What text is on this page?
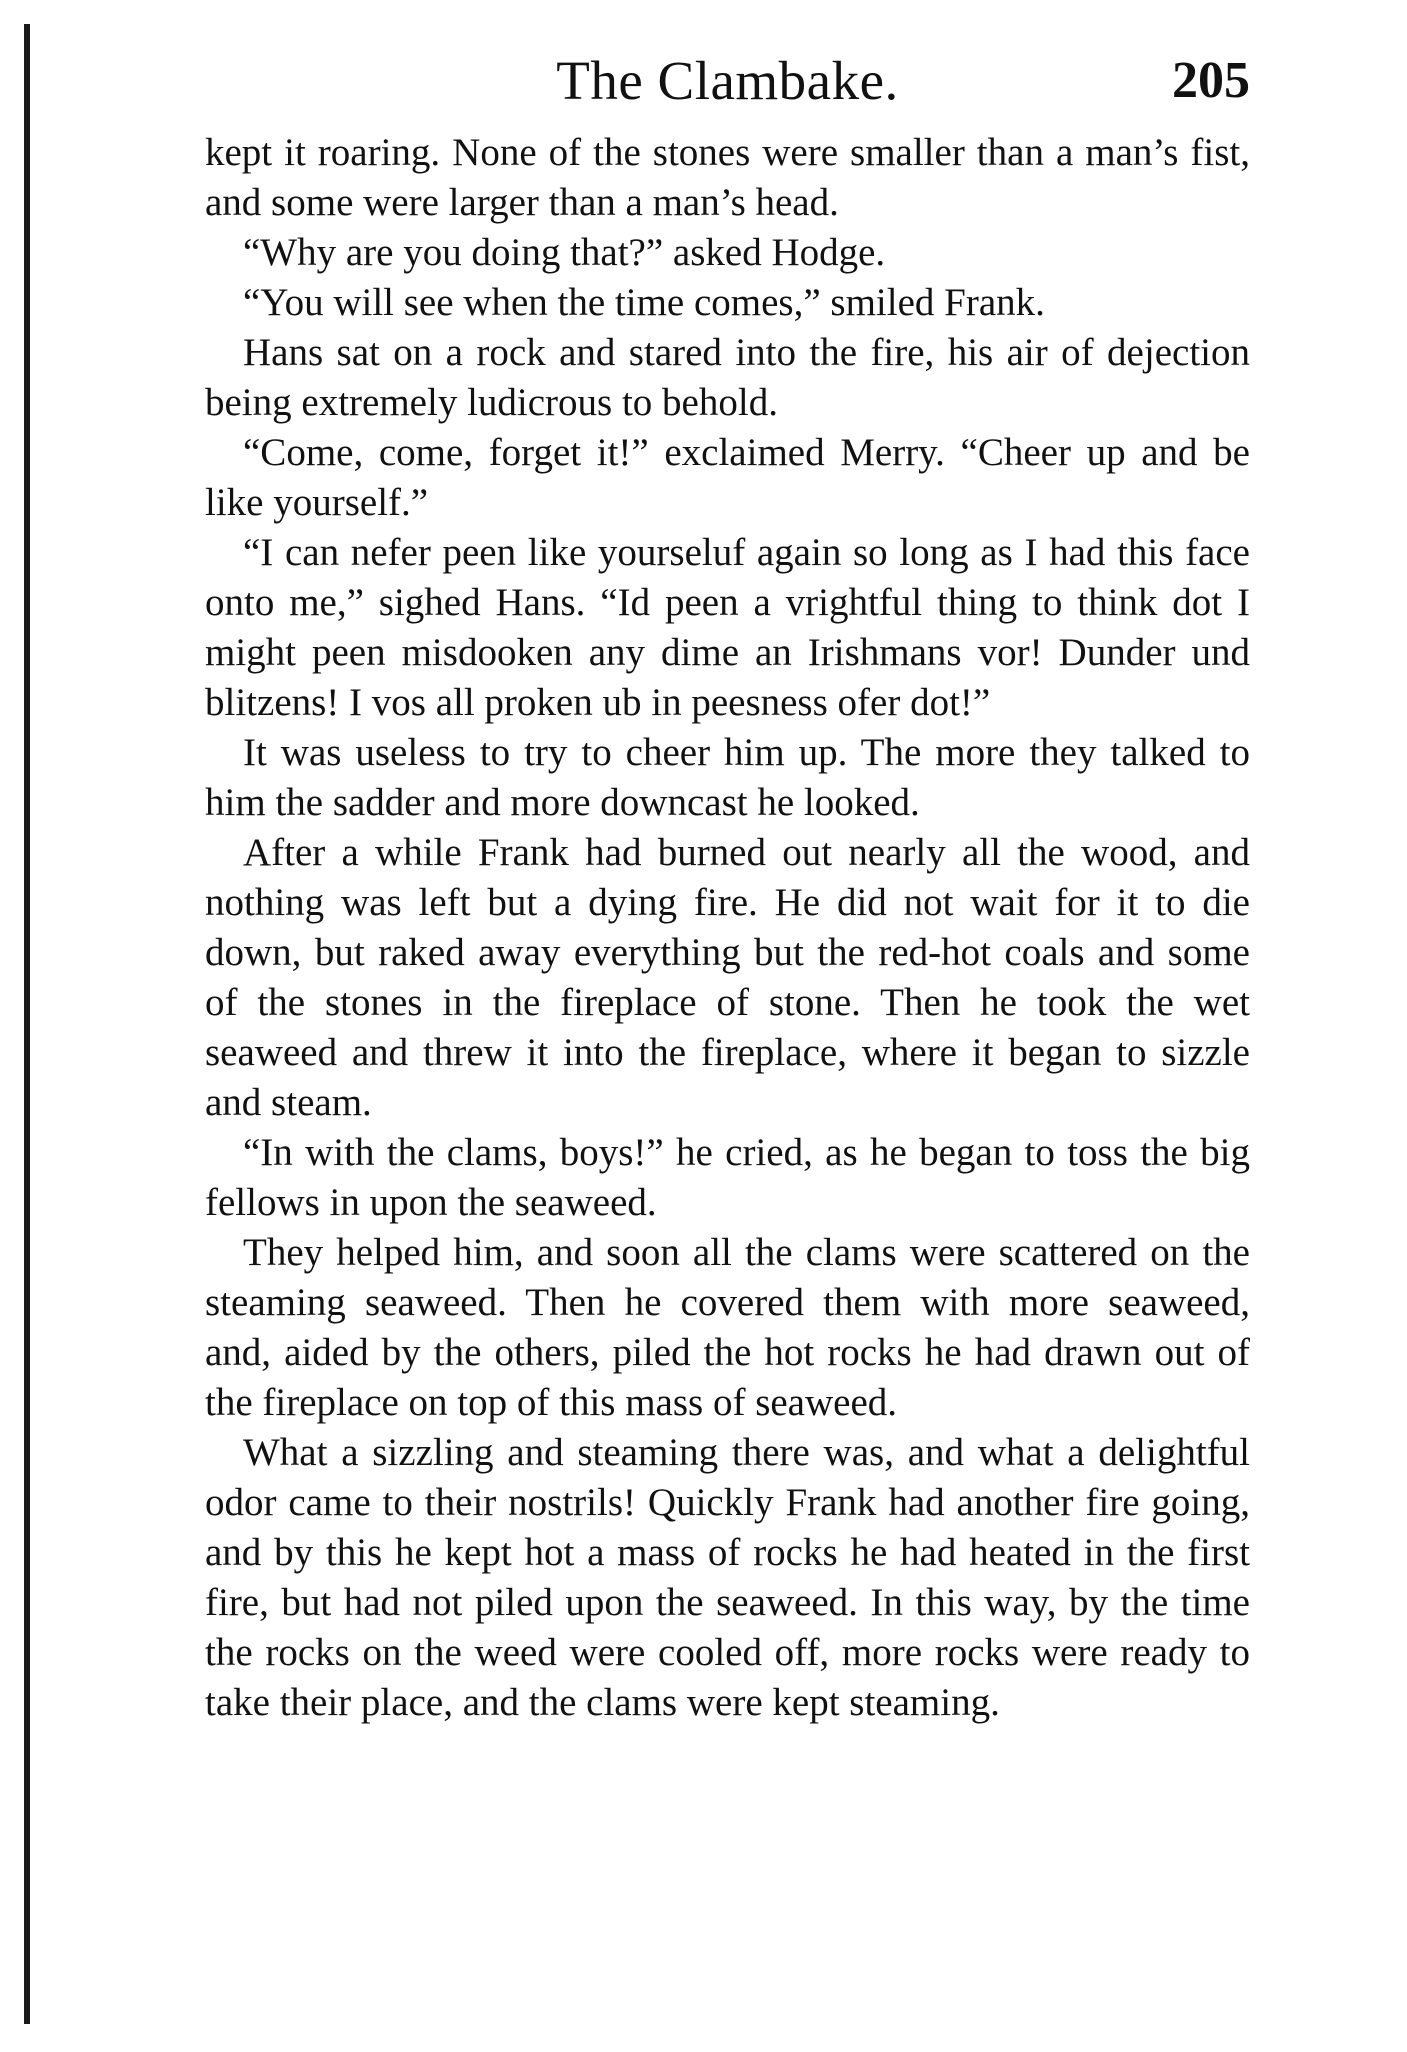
The Clambake.	205

kept it roaring. None of the stones were smaller than a man’s fist, and some were larger than a man’s head.

“Why are you doing that?” asked Hodge.

“You will see when the time comes,” smiled Frank.

Hans sat on a rock and stared into the fire, his air of dejection being extremely ludicrous to behold.

“Come, come, forget it!” exclaimed Merry. “Cheer up and be like yourself.”

“I can nefer peen like yourseluf again so long as I had this face onto me,” sighed Hans. “Id peen a vrightful thing to think dot I might peen misdooken any dime an Irishmans vor! Dunder und blitzens! I vos all proken ub in peesness ofer dot!”

It was useless to try to cheer him up. The more they talked to him the sadder and more downcast he looked.

After a while Frank had burned out nearly all the wood, and nothing was left but a dying fire. He did not wait for it to die down, but raked away everything but the red-hot coals and some of the stones in the fireplace of stone. Then he took the wet seaweed and threw it into the fireplace, where it began to sizzle and steam.

“In with the clams, boys!” he cried, as he began to toss the big fellows in upon the seaweed.

They helped him, and soon all the clams were scattered on the steaming seaweed. Then he covered them with more seaweed, and, aided by the others, piled the hot rocks he had drawn out of the fireplace on top of this mass of seaweed.

What a sizzling and steaming there was, and what a delightful odor came to their nostrils! Quickly Frank had another fire going, and by this he kept hot a mass of rocks he had heated in the first fire, but had not piled upon the seaweed. In this way, by the time the rocks on the weed were cooled off, more rocks were ready to take their place, and the clams were kept steaming.
